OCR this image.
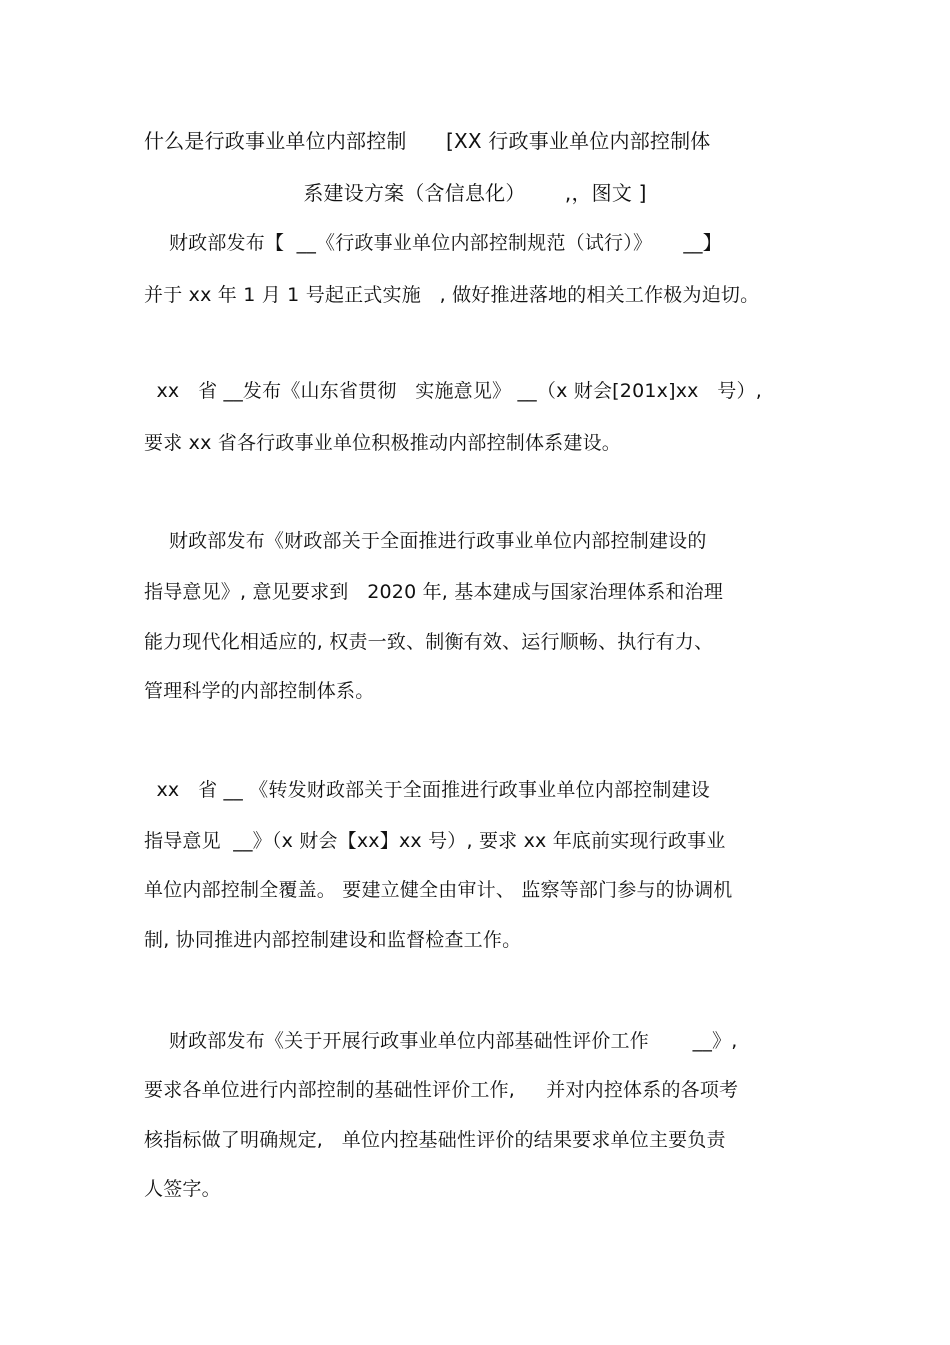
什么是行政事业单位内部控制      [XX 行政事业单位内部控制体
系建设方案（含信息化）      ,，图文 ]
财政部发布【  __《行政事业单位内部控制规范（试行）》     __】
并于 xx 年 1 月 1 号起正式实施   , 做好推进落地的相关工作极为迫切。
xx   省 __发布《山东省贯彻   实施意见》 __（x 财会[201x]xx   号）,
要求 xx 省各行政事业单位积极推动内部控制体系建设。
财政部发布《财政部关于全面推进行政事业单位内部控制建设的
指导意见》, 意见要求到   2020 年, 基本建成与国家治理体系和治理
能力现代化相适应的, 权责一致、制衡有效、运行顺畅、执行有力、
管理科学的内部控制体系。
xx   省 __ 《转发财政部关于全面推进行政事业单位内部控制建设
指导意见  __》（x 财会【xx】xx 号）, 要求 xx 年底前实现行政事业
单位内部控制全覆盖。 要建立健全由审计、 监察等部门参与的协调机
制, 协同推进内部控制建设和监督检查工作。
财政部发布《关于开展行政事业单位内部基础性评价工作       __》,
要求各单位进行内部控制的基础性评价工作,     并对内控体系的各项考
核指标做了明确规定,   单位内控基础性评价的结果要求单位主要负责
人签字。
